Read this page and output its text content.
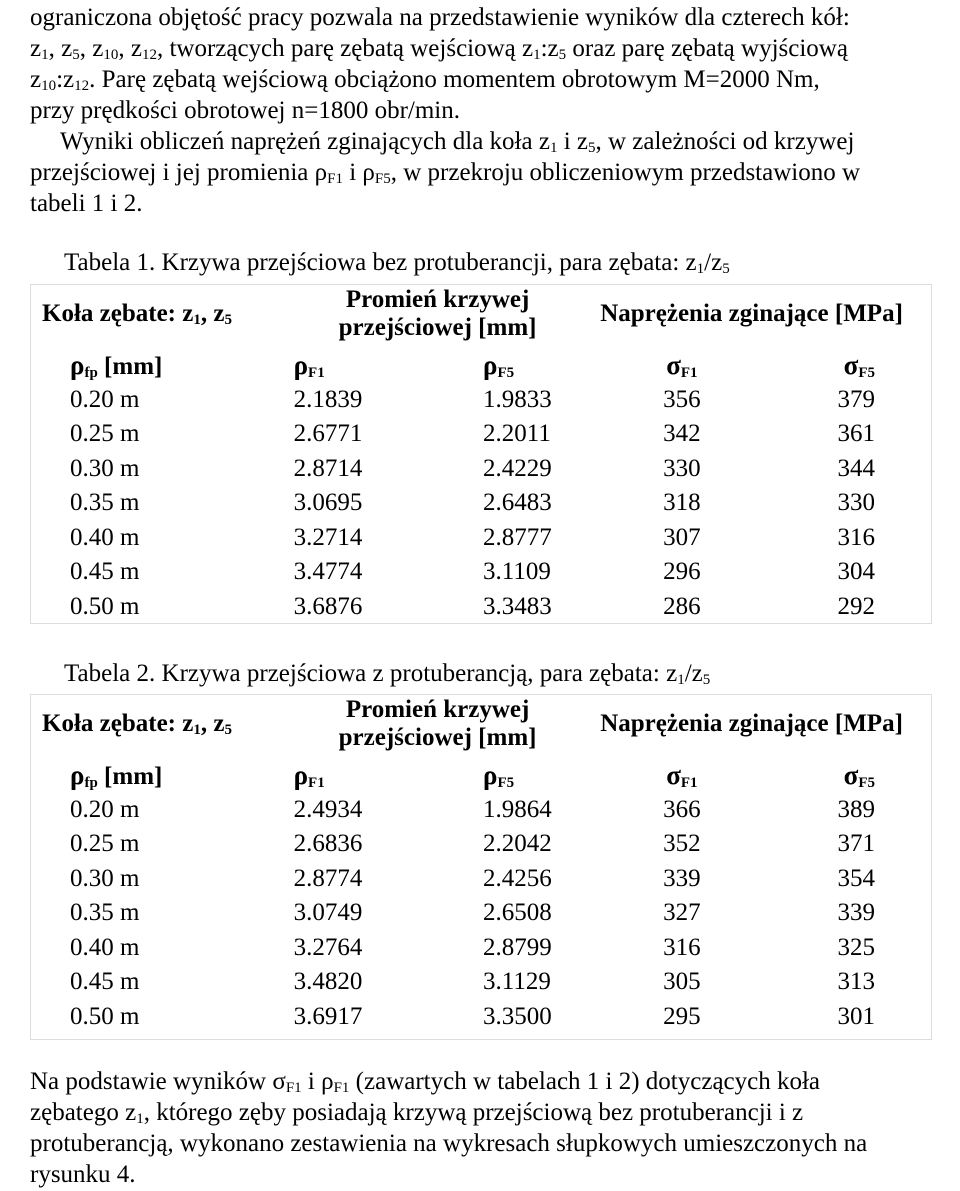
ograniczona objętość pracy pozwala na przedstawienie wyników dla czterech kół:
$z_1$, $z_5$, $z_{10}$, $z_{12}$, tworzących parę zębatą wejściową $z_1:z_5$ oraz parę zębatą wyjściową
$z_{10}:z_{12}$. Parę zębatą wejściową obciążono momentem obrotowym M=2000 Nm,
przy prędkości obrotowej n=1800 obr/min.
Wyniki obliczeń naprężeń zginających dla koła $z_1$ i $z_5$, w zależności od krzywej
przejściowej i jej promienia $\rho_{F1}$ i $\rho_{F5}$, w przekroju obliczeniowym przedstawiono w
tabeli 1 i 2.
Tabela 1. Krzywa przejściowa bez protuberancji, para zębata: $z_1/z_5$
Koła zębate: $z_1$, $z_5$	Promień krzywej
przejściowej [mm]	Naprężenia zginające [MPa]
$\rho_{fp}$ [mm]	$\rho_{F1}$	$\rho_{F5}$	$\sigma_{F1}$	$\sigma_{F5}$
0.20 m	2.1839	1.9833	356	379
0.25 m	2.6771	2.2011	342	361
0.30 m	2.8714	2.4229	330	344
0.35 m	3.0695	2.6483	318	330
0.40 m	3.2714	2.8777	307	316
0.45 m	3.4774	3.1109	296	304
0.50 m	3.6876	3.3483	286	292
Tabela 2. Krzywa przejściowa z protuberancją, para zębata: $z_1/z_5$
Koła zębate: $z_1$, $z_5$	Promień krzywej
przejściowej [mm]	Naprężenia zginające [MPa]
$\rho_{fp}$ [mm]	$\rho_{F1}$	$\rho_{F5}$	$\sigma_{F1}$	$\sigma_{F5}$
0.20 m	2.4934	1.9864	366	389
0.25 m	2.6836	2.2042	352	371
0.30 m	2.8774	2.4256	339	354
0.35 m	3.0749	2.6508	327	339
0.40 m	3.2764	2.8799	316	325
0.45 m	3.4820	3.1129	305	313
0.50 m	3.6917	3.3500	295	301
Na podstawie wyników $\sigma_{F1}$ i $\rho_{F1}$ (zawartych w tabelach 1 i 2) dotyczących koła
zębatego $z_1$, którego zęby posiadają krzywą przejściową bez protuberancji i z
protuberancją, wykonano zestawienia na wykresach słupkowych umieszczonych na
rysunku 4.
